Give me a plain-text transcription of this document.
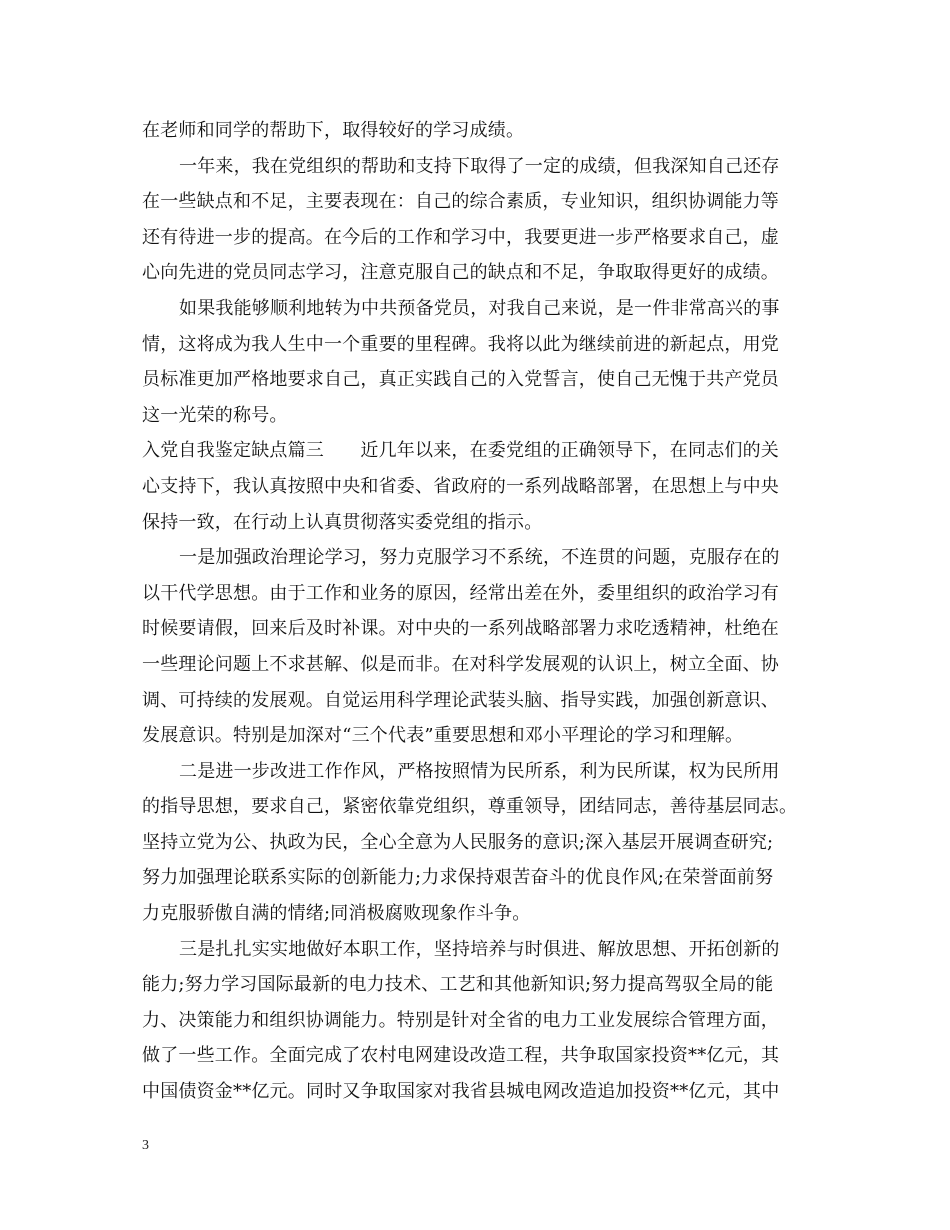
在老师和同学的帮助下，取得较好的学习成绩。
一年来，我在党组织的帮助和支持下取得了一定的成绩，但我深知自己还存
在一些缺点和不足，主要表现在：自己的综合素质，专业知识，组织协调能力等
还有待进一步的提高。在今后的工作和学习中，我要更进一步严格要求自己，虚
心向先进的党员同志学习，注意克服自己的缺点和不足，争取取得更好的成绩。
如果我能够顺利地转为中共预备党员，对我自己来说，是一件非常高兴的事
情，这将成为我人生中一个重要的里程碑。我将以此为继续前进的新起点，用党
员标准更加严格地要求自己，真正实践自己的入党誓言，使自己无愧于共产党员
这一光荣的称号。
入党自我鉴定缺点篇三　　近几年以来，在委党组的正确领导下，在同志们的关
心支持下，我认真按照中央和省委、省政府的一系列战略部署，在思想上与中央
保持一致，在行动上认真贯彻落实委党组的指示。
一是加强政治理论学习，努力克服学习不系统，不连贯的问题，克服存在的
以干代学思想。由于工作和业务的原因，经常出差在外，委里组织的政治学习有
时候要请假，回来后及时补课。对中央的一系列战略部署力求吃透精神，杜绝在
一些理论问题上不求甚解、似是而非。在对科学发展观的认识上，树立全面、协
调、可持续的发展观。自觉运用科学理论武装头脑、指导实践，加强创新意识、
发展意识。特别是加深对“三个代表”重要思想和邓小平理论的学习和理解。
二是进一步改进工作作风，严格按照情为民所系，利为民所谋，权为民所用
的指导思想，要求自己，紧密依靠党组织，尊重领导，团结同志，善待基层同志。
坚持立党为公、执政为民，全心全意为人民服务的意识;深入基层开展调查研究;
努力加强理论联系实际的创新能力;力求保持艰苦奋斗的优良作风;在荣誉面前努
力克服骄傲自满的情绪;同消极腐败现象作斗争。
三是扎扎实实地做好本职工作，坚持培养与时俱进、解放思想、开拓创新的
能力;努力学习国际最新的电力技术、工艺和其他新知识;努力提高驾驭全局的能
力、决策能力和组织协调能力。特别是针对全省的电力工业发展综合管理方面，
做了一些工作。全面完成了农村电网建设改造工程，共争取国家投资**亿元，其
中国债资金**亿元。同时又争取国家对我省县城电网改造追加投资**亿元，其中
3
